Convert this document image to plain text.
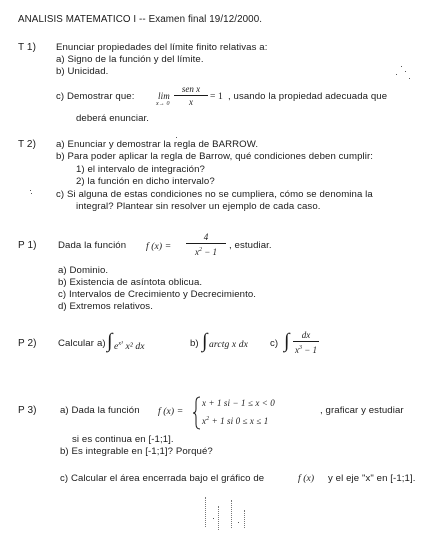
ANALISIS MATEMATICO I -- Examen final 19/12/2000.
T 1) Enunciar propiedades del límite finito relativas a:
a) Signo de la función y del límite.
b) Unicidad.
c) Demostrar que:	lim
x→ 0
sen x
x	= 1 , usando la propiedad adecuada que
deberá enunciar.
T 2) a) Enunciar y demostrar la regla de BARROW.
b) Para poder aplicar la regla de Barrow, qué condiciones deben cumplir:
1) el intervalo de integración?
2) la función en dicho intervalo?
c) Si alguna de estas condiciones no se cumpliera, cómo se denomina la
integral? Plantear sin resolver un ejemplo de cada caso.
P 1) Dada la función f (x) =
4
$x^2 - 1$
, estudiar.
a) Dominio.
b) Existencia de asíntota oblicua.
c) Intervalos de Crecimiento y Decrecimiento.
d) Extremos relativos.
P 2) Calcular a) ∫ $e^{x^3}$ x² dx	b) ∫ arctg x dx c) ∫	dx
$x^3 - 1$
P 3) a) Dada la función f (x) =
x + 1 si − 1 ≤ x < 0
$x^2 + 1$ si 0 ≤ x ≤ 1
, graficar y estudiar
si es continua en [-1;1].
b) Es integrable en [-1;1]? Porqué?
c) Calcular el área encerrada bajo el gráfico de	f (x) y el eje "x" en [-1;1].
